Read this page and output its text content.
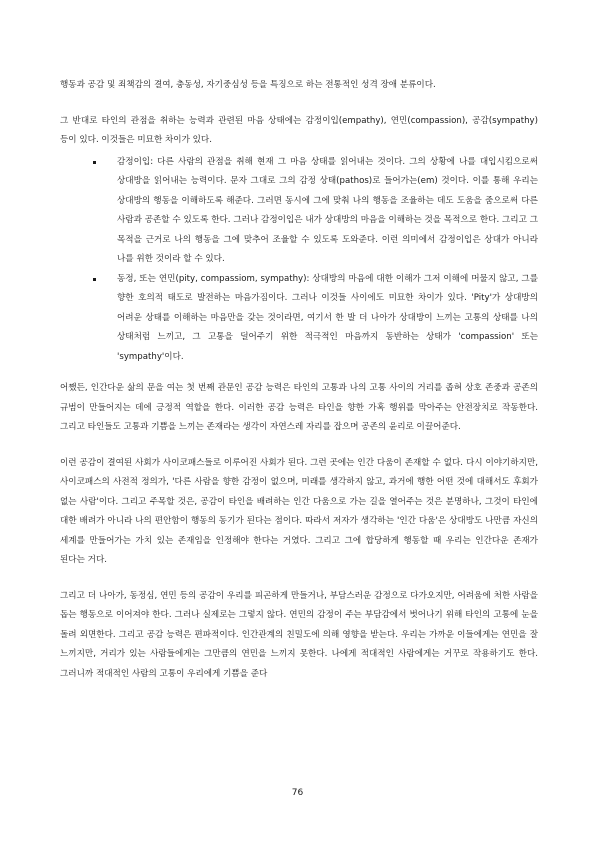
행동과 공감 및 죄책감의 결여, 충동성, 자기중심성 등을 특징으로 하는 전통적인 성격 장애 분류이다.

그 반대로 타인의 관점을 취하는 능력과 관련된 마음 상태에는 감정이입(empathy), 연민(compassion), 공감(sympathy) 등이 있다. 이것들은 미묘한 차이가 있다.

감정이입: 다른 사람의 관점을 취해 현재 그 마음 상태를 읽어내는 것이다. 그의 상황에 나를 대입시킴으로써 상대방을 읽어내는 능력이다. 문자 그대로 그의 감정 상태(pathos)로 들어가는(em) 것이다. 이를 통해 우리는 상대방의 행동을 이해하도록 해준다. 그러면 동시에 그에 맞춰 나의 행동을 조율하는 데도 도움을 줌으로써 다른 사람과 공존할 수 있도록 한다. 그러나 감정이입은 내가 상대방의 마음을 이해하는 것을 목적으로 한다. 그리고 그 목적을 근거로 나의 행동을 그에 맞추어 조율할 수 있도록 도와준다. 이런 의미에서 감정이입은 상대가 아니라 나를 위한 것이라 할 수 있다.
동정, 또는 연민(pity, compassiom, sympathy): 상대방의 마음에 대한 이해가 그저 이해에 머물지 않고, 그를 향한 호의적 태도로 발전하는 마음가짐이다. 그러나 이것들 사이에도 미묘한 차이가 있다. 'Pity'가 상대방의 어려운 상태를 이해하는 마음만을 갖는 것이라면, 여기서 한 발 더 나아가 상대방이 느끼는 고통의 상태를 나의 상태처럼 느끼고, 그 고통을 덜어주기 위한 적극적인 마음까지 동반하는 상태가 'compassion' 또는 'sympathy'이다.

어쨌든, 인간다운 삶의 문을 여는 첫 번째 관문인 공감 능력은 타인의 고통과 나의 고통 사이의 거리를 좁혀 상호 존중과 공존의 규범이 만들어지는 데에 긍정적 역할을 한다. 이러한 공감 능력은 타인을 향한 가혹 행위를 막아주는 안전장치로 작동한다. 그리고 타인들도 고통과 기쁨을 느끼는 존재라는 생각이 자연스레 자리를 잡으며 공존의 윤리로 이끌어준다.

이런 공감이 결여된 사회가 사이코패스들로 이루어진 사회가 된다. 그런 곳에는 인간 다움이 존재할 수 없다. 다시 이야기하지만, 사이코패스의 사전적 정의가, '다른 사람을 향한 감정이 없으며, 미래를 생각하지 않고, 과거에 행한 어떤 것에 대해서도 후회가 없는 사람'이다. 그리고 주목할 것은, 공감이 타인을 배려하는 인간 다움으로 가는 길을 열어주는 것은 분명하나, 그것이 타인에 대한 배려가 아니라 나의 편안함이 행동의 동기가 된다는 점이다. 따라서 저자가 생각하는 '인간 다움'은 상대방도 나만큼 자신의 세계를 만들어가는 가치 있는 존재임을 인정해야 한다는 거였다. 그리고 그에 합당하게 행동할 때 우리는 인간다운 존재가 된다는 거다.

그리고 더 나아가, 동정심, 연민 등의 공감이 우리를 피곤하게 만들거나, 부담스러운 감정으로 다가오지만, 어려움에 처한 사람을 돕는 행동으로 이어져야 한다. 그러나 실제로는 그렇지 않다. 연민의 감정이 주는 부담감에서 벗어나기 위해 타인의 고통에 눈을 돌려 외면한다. 그리고 공감 능력은 편파적이다. 인간관계의 친밀도에 의해 영향을 받는다. 우리는 가까운 이들에게는 연민을 잘 느끼지만, 거리가 있는 사람들에게는 그만큼의 연민을 느끼지 못한다. 나에게 적대적인 사람에게는 거꾸로 작용하기도 한다. 그러니까 적대적인 사람의 고통이 우리에게 기쁨을 준다

76
